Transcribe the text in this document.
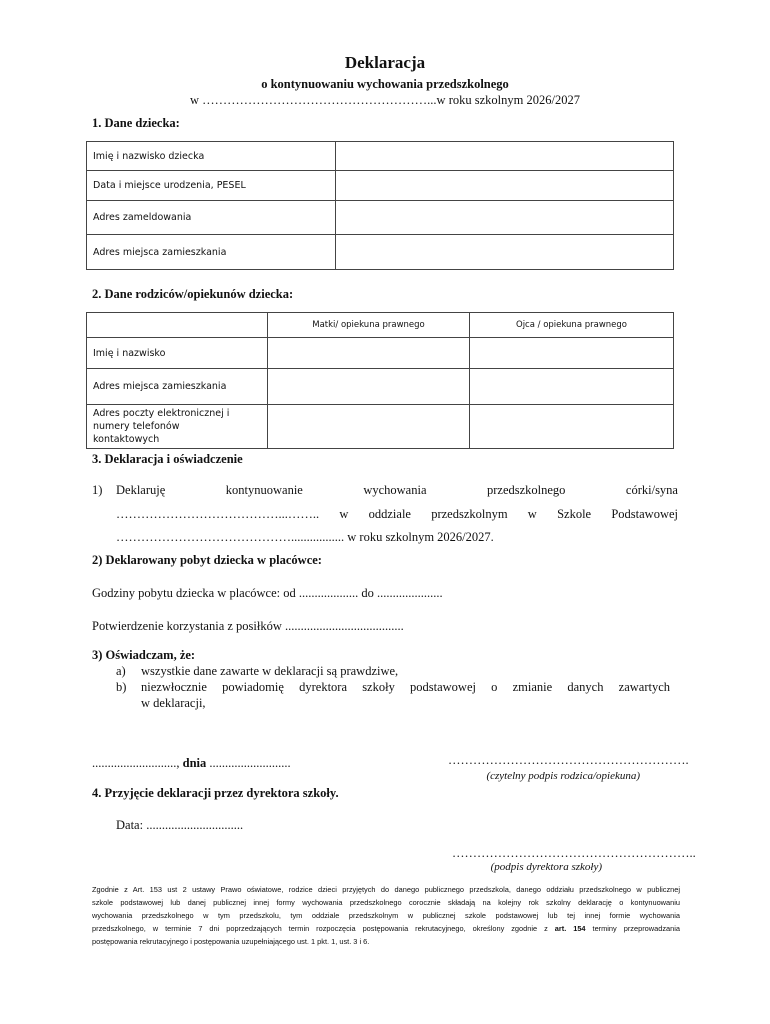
Deklaracja
o kontynuowaniu wychowania przedszkolnego
w ………………………………………………...w roku szkolnym 2026/2027
1. Dane dziecka:
Imię i nazwisko dziecka	
Data i miejsce urodzenia, PESEL	
Adres zameldowania	
Adres miejsca zamieszkania	
2. Dane rodziców/opiekunów dziecka:
	Matki/ opiekuna prawnego	Ojca / opiekuna prawnego
Imię i nazwisko		
Adres miejsca zamieszkania		
Adres poczty elektronicznej i numery telefonów kontaktowych		
3. Deklaracja i oświadczenie
1) Deklaruję kontynuowanie wychowania przedszkolnego córki/syna
…………………………………...…….. w oddziale przedszkolnym w Szkole Podstawowej
……………………………………................. w roku szkolnym 2026/2027.
2) Deklarowany pobyt dziecka w placówce:
Godziny pobytu dziecka w placówce: od ................... do .....................
Potwierdzenie korzystania z posiłków ......................................
3) Oświadczam, że:
a) wszystkie dane zawarte w deklaracji są prawdziwe,
b) niezwłocznie powiadomię dyrektora szkoły podstawowej o zmianie danych zawartych
w deklaracji,
..........................., dnia ..........................	………………………………………………….
(czytelny podpis rodzica/opiekuna)
4. Przyjęcie deklaracji przez dyrektora szkoły.
Data: ...............................
…………………………………………………..
(podpis dyrektora szkoły)
Zgodnie z Art. 153 ust 2 ustawy Prawo oświatowe, rodzice dzieci przyjętych do danego publicznego przedszkola, danego oddziału przedszkolnego w publicznej
szkole podstawowej lub danej publicznej innej formy wychowania przedszkolnego corocznie składają na kolejny rok szkolny deklarację o kontynuowaniu
wychowania przedszkolnego w tym przedszkolu, tym oddziale przedszkolnym w publicznej szkole podstawowej lub tej innej formie wychowania
przedszkolnego, w terminie 7 dni poprzedzających termin rozpoczęcia postępowania rekrutacyjnego, określony zgodnie z art. 154 terminy przeprowadzania
postępowania rekrutacyjnego i postępowania uzupełniającego ust. 1 pkt. 1, ust. 3 i 6.
